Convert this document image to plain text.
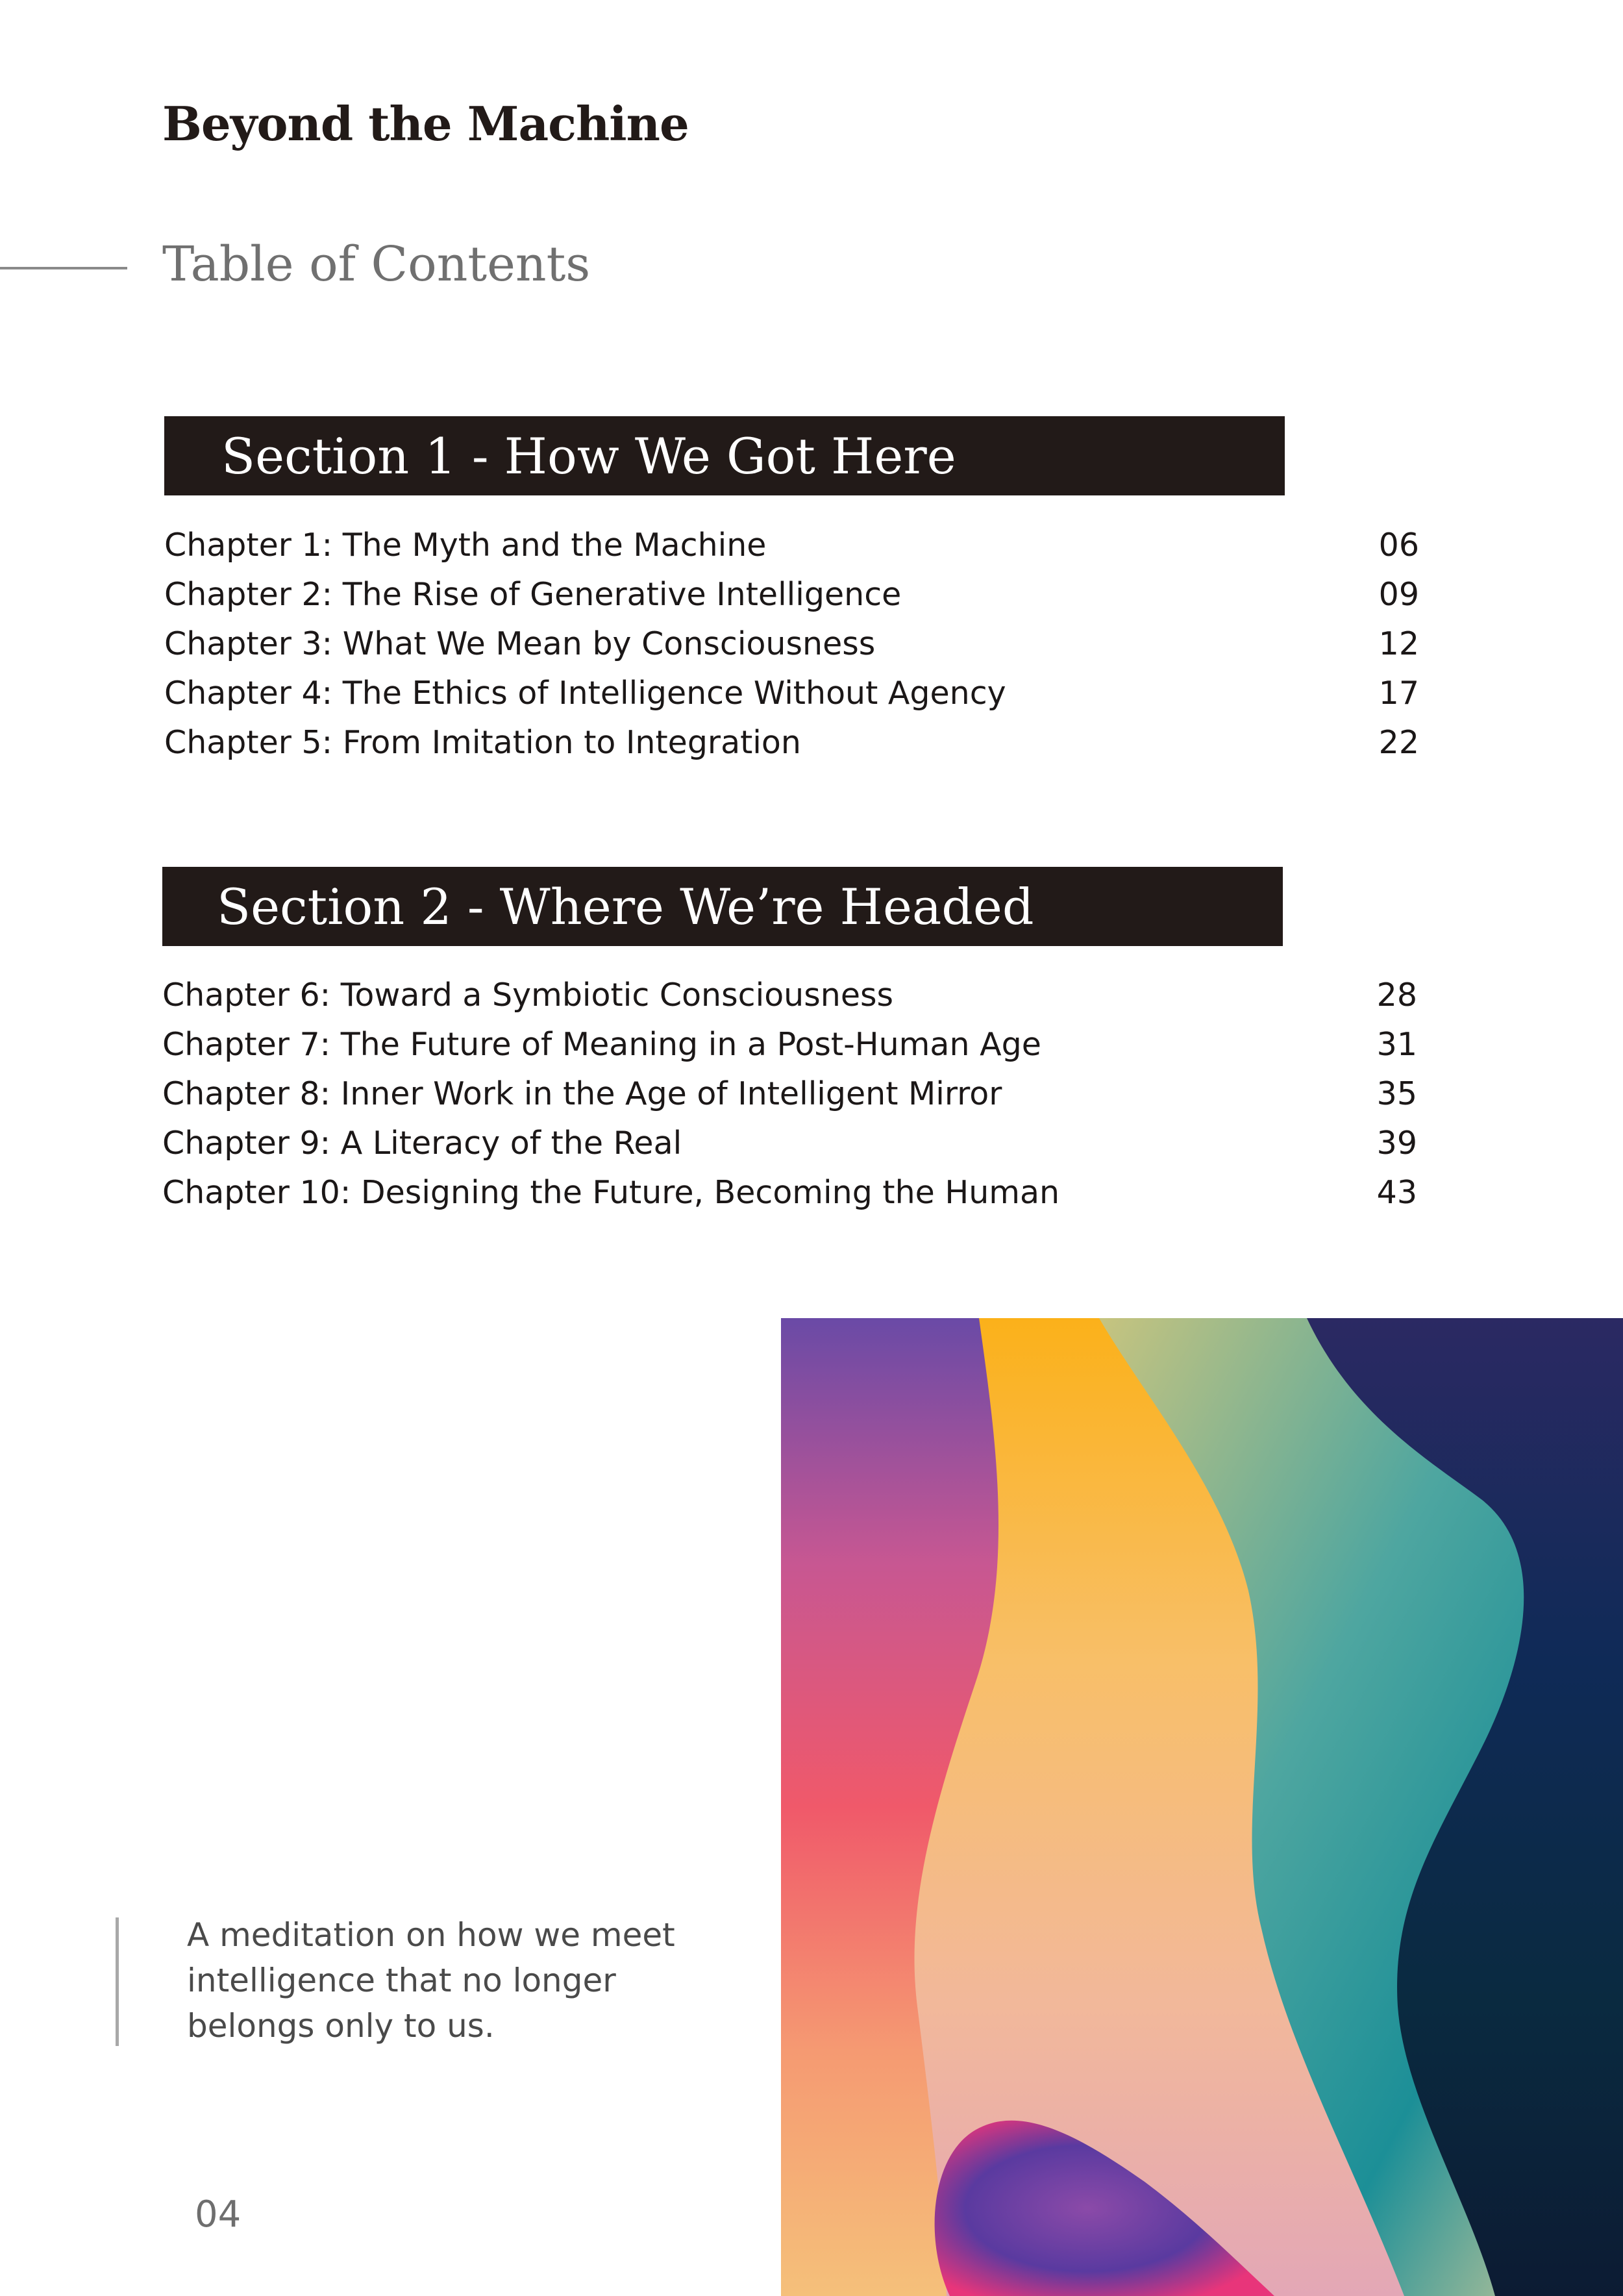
Beyond the Machine
Table of Contents
Section 1 - How We Got Here
Chapter 1: The Myth and the Machine	06
Chapter 2: The Rise of Generative Intelligence	09
Chapter 3: What We Mean by Consciousness	12
Chapter 4: The Ethics of Intelligence Without Agency	17
Chapter 5: From Imitation to Integration	22
Section 2 - Where We’re Headed
Chapter 6: Toward a Symbiotic Consciousness	28
Chapter 7: The Future of Meaning in a Post-Human Age	31
Chapter 8: Inner Work in the Age of Intelligent Mirror	35
Chapter 9: A Literacy of the Real	39
Chapter 10: Designing the Future, Becoming the Human	43

A meditation on how we meet intelligence that no longer belongs only to us.

04
